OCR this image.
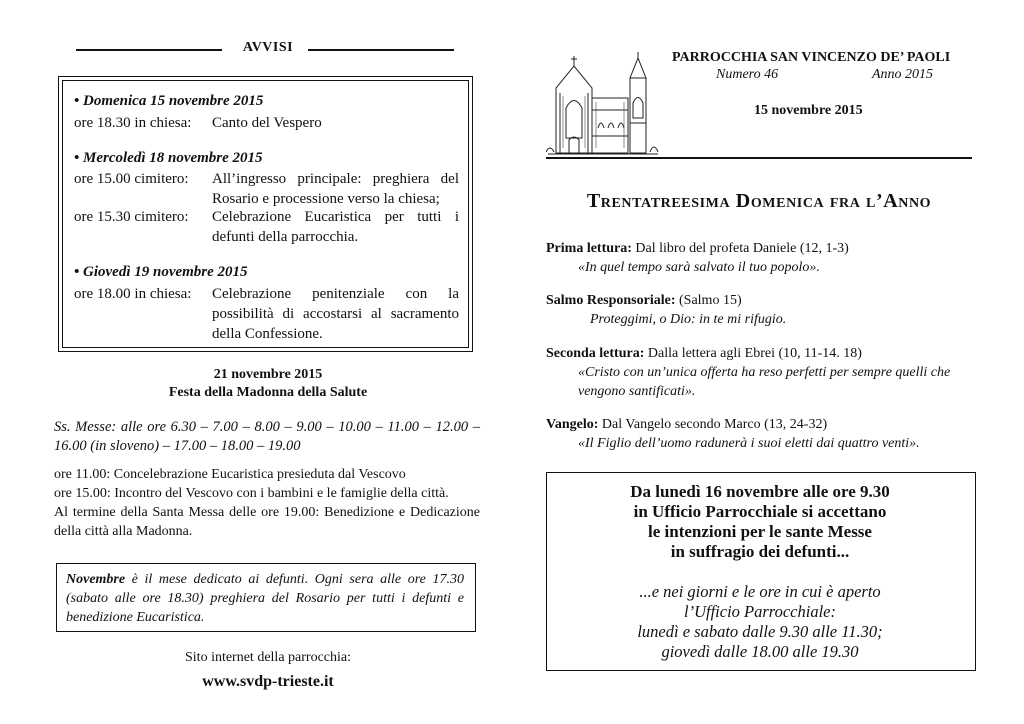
AVVISI
• Domenica 15 novembre 2015
ore 18.30 in chiesa: Canto del Vespero
• Mercoledì 18 novembre 2015
ore 15.00 cimitero: All’ingresso principale: preghiera del Rosario e processione verso la chiesa;
ore 15.30 cimitero: Celebrazione Eucaristica per tutti i defunti della parrocchia.
• Giovedì 19 novembre 2015
ore 18.00 in chiesa: Celebrazione penitenziale con la possibilità di accostarsi al sacramento della Confessione.
21 novembre 2015
Festa della Madonna della Salute
Ss. Messe: alle ore 6.30 – 7.00 – 8.00 – 9.00 – 10.00 – 11.00 – 12.00 – 16.00 (in sloveno) – 17.00 – 18.00 – 19.00
ore 11.00: Concelebrazione Eucaristica presieduta dal Vescovo
ore 15.00: Incontro del Vescovo con i bambini e le famiglie della città.
Al termine della Santa Messa delle ore 19.00: Benedizione e Dedicazione della città alla Madonna.
Novembre è il mese dedicato ai defunti. Ogni sera alle ore 17.30 (sabato alle ore 18.30) preghiera del Rosario per tutti i defunti e benedizione Eucaristica.
Sito internet della parrocchia:
www.svdp-trieste.it
PARROCCHIA SAN VINCENZO DE’ PAOLI
Numero 46	Anno 2015
15 novembre 2015
Trentatreesima Domenica fra l’Anno
Prima lettura: Dal libro del profeta Daniele (12, 1-3)
«In quel tempo sarà salvato il tuo popolo».
Salmo Responsoriale: (Salmo 15)
Proteggimi, o Dio: in te mi rifugio.
Seconda lettura: Dalla lettera agli Ebrei (10, 11-14. 18)
«Cristo con un’unica offerta ha reso perfetti per sempre quelli che vengono santificati».
Vangelo: Dal Vangelo secondo Marco (13, 24-32)
«Il Figlio dell’uomo radunerà i suoi eletti dai quattro venti».
Da lunedì 16 novembre alle ore 9.30
in Ufficio Parrocchiale si accettano
le intenzioni per le sante Messe
in suffragio dei defunti...
...e nei giorni e le ore in cui è aperto
l’Ufficio Parrocchiale:
lunedì e sabato dalle 9.30 alle 11.30;
giovedì dalle 18.00 alle 19.30
